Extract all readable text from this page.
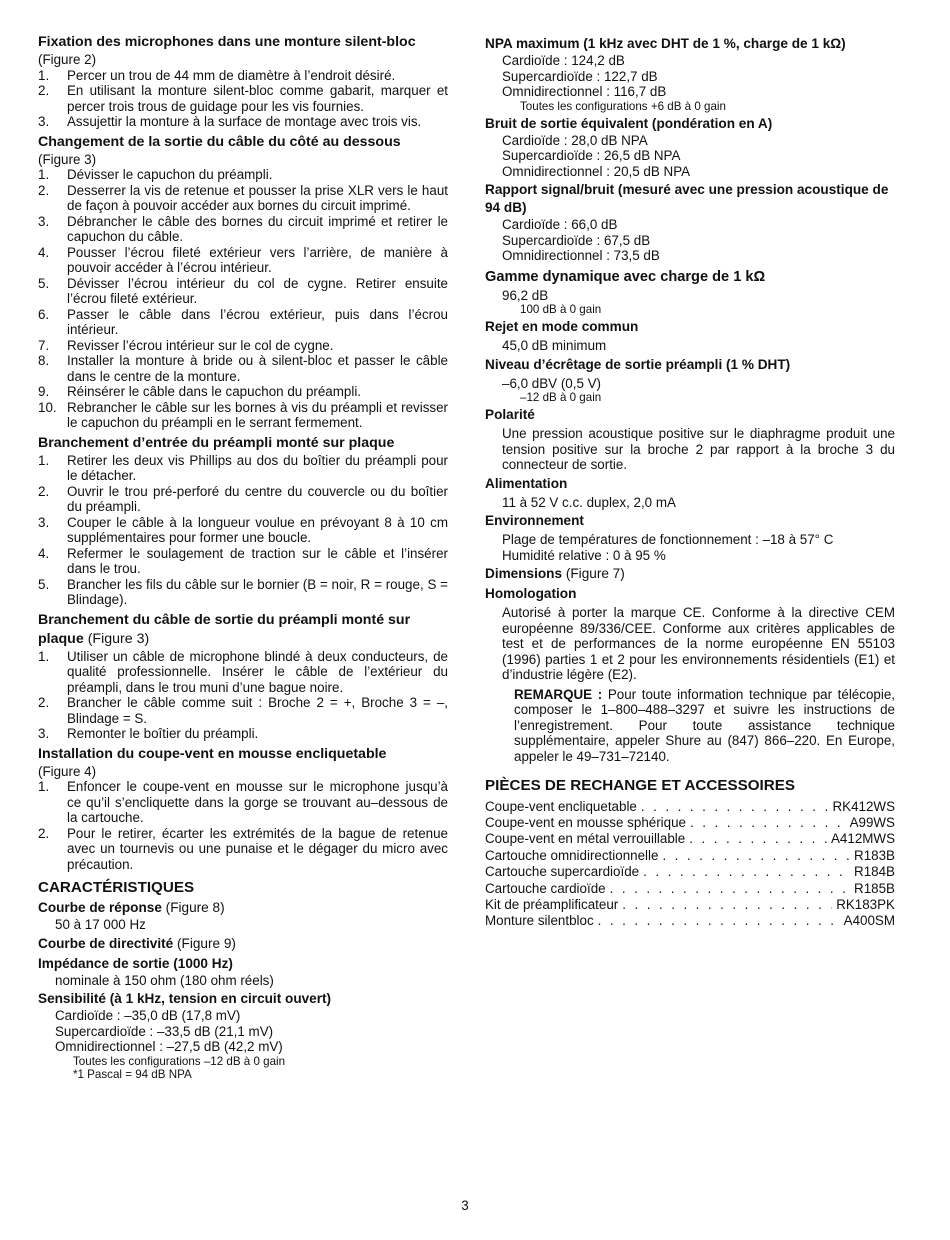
Fixation des microphones dans une monture silent-bloc
(Figure 2)
1. Percer un trou de 44 mm de diamètre à l’endroit désiré.
2. En utilisant la monture silent-bloc comme gabarit, marquer et percer trois trous de guidage pour les vis fournies.
3. Assujettir la monture à la surface de montage avec trois vis.
Changement de la sortie du câble du côté au dessous
(Figure 3)
1. Dévisser le capuchon du préampli.
2. Desserrer la vis de retenue et pousser la prise XLR vers le haut de façon à pouvoir accéder aux bornes du circuit imprimé.
3. Débrancher le câble des bornes du circuit imprimé et retirer le capuchon du câble.
4. Pousser l’écrou fileté extérieur vers l’arrière, de manière à pouvoir accéder à l’écrou intérieur.
5. Dévisser l’écrou intérieur du col de cygne. Retirer ensuite l’écrou fileté extérieur.
6. Passer le câble dans l’écrou extérieur, puis dans l’écrou intérieur.
7. Revisser l’écrou intérieur sur le col de cygne.
8. Installer la monture à bride ou à silent-bloc et passer le câble dans le centre de la monture.
9. Réinsérer le câble dans le capuchon du préampli.
10. Rebrancher le câble sur les bornes à vis du préampli et revisser le capuchon du préampli en le serrant fermement.
Branchement d’entrée du préampli monté sur plaque
1. Retirer les deux vis Phillips au dos du boîtier du préampli pour le détacher.
2. Ouvrir le trou pré-perforé du centre du couvercle ou du boîtier du préampli.
3. Couper le câble à la longueur voulue en prévoyant 8 à 10 cm supplémentaires pour former une boucle.
4. Refermer le soulagement de traction sur le câble et l’insérer dans le trou.
5. Brancher les fils du câble sur le bornier (B = noir, R = rouge, S = Blindage).
Branchement du câble de sortie du préampli monté sur plaque (Figure 3)
1. Utiliser un câble de microphone blindé à deux conducteurs, de qualité professionnelle. Insérer le câble de l’extérieur du préampli, dans le trou muni d’une bague noire.
2. Brancher le câble comme suit : Broche 2 = +, Broche 3 = –, Blindage = S.
3. Remonter le boîtier du préampli.
Installation du coupe-vent en mousse encliquetable
(Figure 4)
1. Enfoncer le coupe-vent en mousse sur le microphone jusqu’à ce qu’il s’encliquette dans la gorge se trouvant au–dessous de la cartouche.
2. Pour le retirer, écarter les extrémités de la bague de retenue avec un tournevis ou une punaise et le dégager du micro avec précaution.
CARACTÉRISTIQUES
Courbe de réponse (Figure 8)
50 à 17 000 Hz
Courbe de directivité (Figure 9)
Impédance de sortie (1000 Hz)
nominale à 150 ohm (180 ohm réels)
Sensibilité (à 1 kHz, tension en circuit ouvert)
Cardioïde : –35,0 dB (17,8 mV)
Supercardioïde : –33,5 dB (21,1 mV)
Omnidirectionnel : –27,5 dB (42,2 mV)
Toutes les configurations –12 dB à 0 gain
*1 Pascal = 94 dB NPA
NPA maximum (1 kHz avec DHT de 1 %, charge de 1 kΩ)
Cardioïde : 124,2 dB
Supercardioïde : 122,7 dB
Omnidirectionnel : 116,7 dB
Toutes les configurations +6 dB à 0 gain
Bruit de sortie équivalent (pondération en A)
Cardioïde : 28,0 dB NPA
Supercardioïde : 26,5 dB NPA
Omnidirectionnel : 20,5 dB NPA
Rapport signal/bruit (mesuré avec une pression acoustique de 94 dB)
Cardioïde : 66,0 dB
Supercardioïde : 67,5 dB
Omnidirectionnel : 73,5 dB
Gamme dynamique avec charge de 1 kΩ
96,2 dB
100 dB à 0 gain
Rejet en mode commun
45,0 dB minimum
Niveau d’écrêtage de sortie préampli (1 % DHT)
–6,0 dBV (0,5 V)
–12 dB à 0 gain
Polarité
Une pression acoustique positive sur le diaphragme produit une tension positive sur la broche 2 par rapport à la broche 3 du connecteur de sortie.
Alimentation
11 à 52 V c.c. duplex, 2,0 mA
Environnement
Plage de températures de fonctionnement : –18 à 57° C
Humidité relative : 0 à 95 %
Dimensions (Figure 7)
Homologation
Autorisé à porter la marque CE. Conforme à la directive CEM européenne 89/336/CEE. Conforme aux critères applicables de test et de performances de la norme européenne EN 55103 (1996) parties 1 et 2 pour les environnements résidentiels (E1) et d’industrie légère (E2).
REMARQUE : Pour toute information technique par télécopie, composer le 1–800–488–3297 et suivre les instructions de l’enregistrement. Pour toute assistance technique supplémentaire, appeler Shure au (847) 866–220. En Europe, appeler le 49–731–72140.
PIÈCES DE RECHANGE ET ACCESSOIRES
Coupe-vent encliquetable . . .	RK412WS
Coupe-vent en mousse sphérique . . .	A99WS
Coupe-vent en métal verrouillable . . .	A412MWS
Cartouche omnidirectionnelle . . .	R183B
Cartouche supercardioïde . . .	R184B
Cartouche cardioïde . . .	R185B
Kit de préamplificateur . . .	RK183PK
Monture silentbloc . . .	A400SM
3
